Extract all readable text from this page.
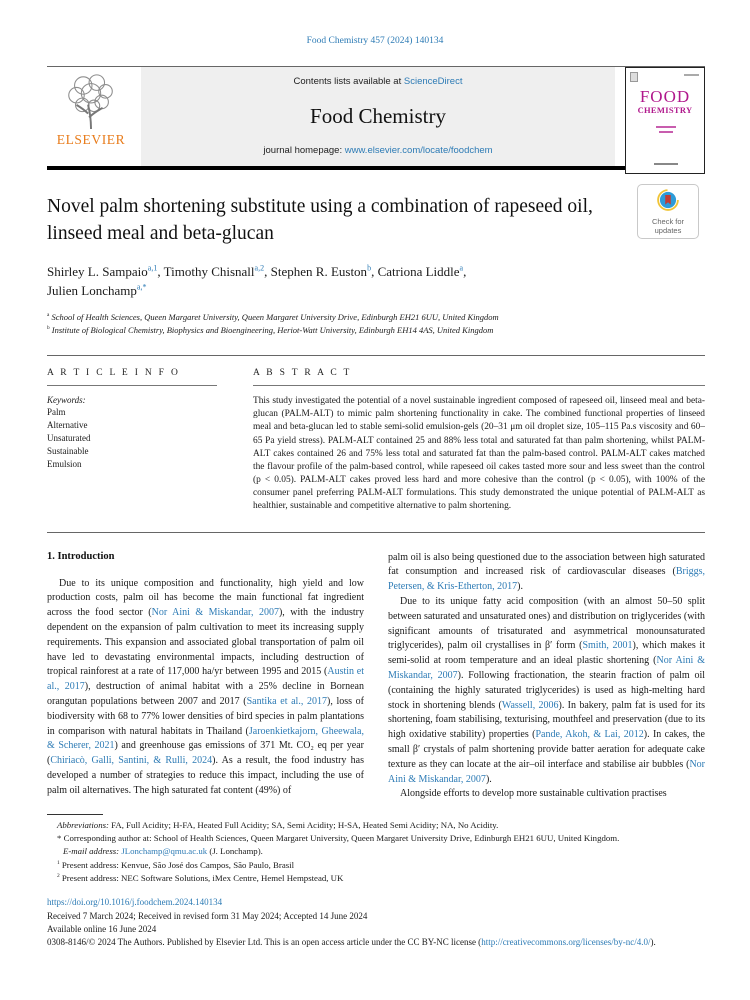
Food Chemistry 457 (2024) 140134
ELSEVIER
Contents lists available at ScienceDirect
Food Chemistry
journal homepage: www.elsevier.com/locate/foodchem
FOOD
CHEMISTRY
Novel palm shortening substitute using a combination of rapeseed oil, linseed meal and beta-glucan
Check for
updates
Shirley L. Sampaio$^{a,1}$, Timothy Chisnall$^{a,2}$, Stephen R. Euston$^b$, Catriona Liddle$^a$,
Julien Lonchamp$^{a,*}$
$^a$ School of Health Sciences, Queen Margaret University, Queen Margaret University Drive, Edinburgh EH21 6UU, United Kingdom
$^b$ Institute of Biological Chemistry, Biophysics and Bioengineering, Heriot-Watt University, Edinburgh EH14 4AS, United Kingdom
A R T I C L E I N F O
Keywords:
Palm
Alternative
Unsaturated
Sustainable
Emulsion
A B S T R A C T

This study investigated the potential of a novel sustainable ingredient composed of rapeseed oil, linseed meal and beta-glucan (PALM-ALT) to mimic palm shortening functionality in cake. The combined functional properties of linseed meal and beta-glucan led to stable semi-solid emulsion-gels (20–31 μm oil droplet size, 105–115 Pa.s viscosity and 60–65 Pa yield stress). PALM-ALT contained 25 and 88% less total and saturated fat than palm shortening, whilst PALM-ALT cakes contained 26 and 75% less total and saturated fat than the palm-based control. PALM-ALT cakes matched the flavour profile of the palm-based control, while rapeseed oil cakes tasted more sour and less sweet than the control (p < 0.05). PALM-ALT cakes proved less hard and more cohesive than the control (p < 0.05), with 100% of the consumer panel preferring PALM-ALT formulations. This study demonstrated the unique potential of PALM-ALT as healthier, sustainable and competitive alternative to palm shortening.

1. Introduction

Due to its unique composition and functionality, high yield and low production costs, palm oil has become the main functional fat ingredient across the food sector (Nor Aini & Miskandar, 2007), with the industry dependent on the expansion of palm cultivation to meet its increasing supply requirements. This expansion and associated global transportation of palm oil have led to devastating environmental impacts, including destruction of tropical rainforest at a rate of 117,000 ha/yr between 1995 and 2015 (Austin et al., 2017), destruction of animal habitat with a 25% decline in Bornean orangutan populations between 2007 and 2017 (Santika et al., 2017), loss of biodiversity with 68 to 77% lower densities of bird species in palm plantations in comparison with natural habitats in Thailand (Jaroenkietkajorn, Gheewala, & Scherer, 2021) and greenhouse gas emissions of 371 Mt. CO₂ eq per year (Chiriacò, Galli, Santini, & Rulli, 2024). As a result, the food industry has developed a number of strategies to reduce this impact, including the use of palm oil alternatives. The high saturated fat content (49%) of

palm oil is also being questioned due to the association between high saturated fat consumption and increased risk of cardiovascular diseases (Briggs, Petersen, & Kris-Etherton, 2017).

Due to its unique fatty acid composition (with an almost 50–50 split between saturated and unsaturated ones) and distribution on triglycerides (with significant amounts of trisaturated and asymmetrical monounsaturated triglycerides), palm oil crystallises in β′ form (Smith, 2001), which makes it semi-solid at room temperature and an ideal plastic shortening (Nor Aini & Miskandar, 2007). Following fractionation, the stearin fraction of palm oil (containing the highly saturated triglycerides) is used as high-melting hard stock in shortening blends (Wassell, 2006). In bakery, palm fat is used for its shortening, foam stabilising, texturising, mouthfeel and preservation (due to its high oxidative stability) properties (Pande, Akoh, & Lai, 2012). In cakes, the small β′ crystals of palm shortening provide batter aeration for adequate cake texture as they can locate at the air–oil interface and stabilise air bubbles (Nor Aini & Miskandar, 2007).

Alongside efforts to develop more sustainable cultivation practises

Abbreviations: FA, Full Acidity; H-FA, Heated Full Acidity; SA, Semi Acidity; H-SA, Heated Semi Acidity; NA, No Acidity.
* Corresponding author at: School of Health Sciences, Queen Margaret University, Queen Margaret University Drive, Edinburgh EH21 6UU, United Kingdom.
E-mail address: JLonchamp@qmu.ac.uk (J. Lonchamp).
$^1$ Present address: Kenvue, São José dos Campos, São Paulo, Brasil
$^2$ Present address: NEC Software Solutions, iMex Centre, Hemel Hempstead, UK
https://doi.org/10.1016/j.foodchem.2024.140134
Received 7 March 2024; Received in revised form 31 May 2024; Accepted 14 June 2024
Available online 16 June 2024
0308-8146/© 2024 The Authors. Published by Elsevier Ltd. This is an open access article under the CC BY-NC license (http://creativecommons.org/licenses/by-nc/4.0/).
